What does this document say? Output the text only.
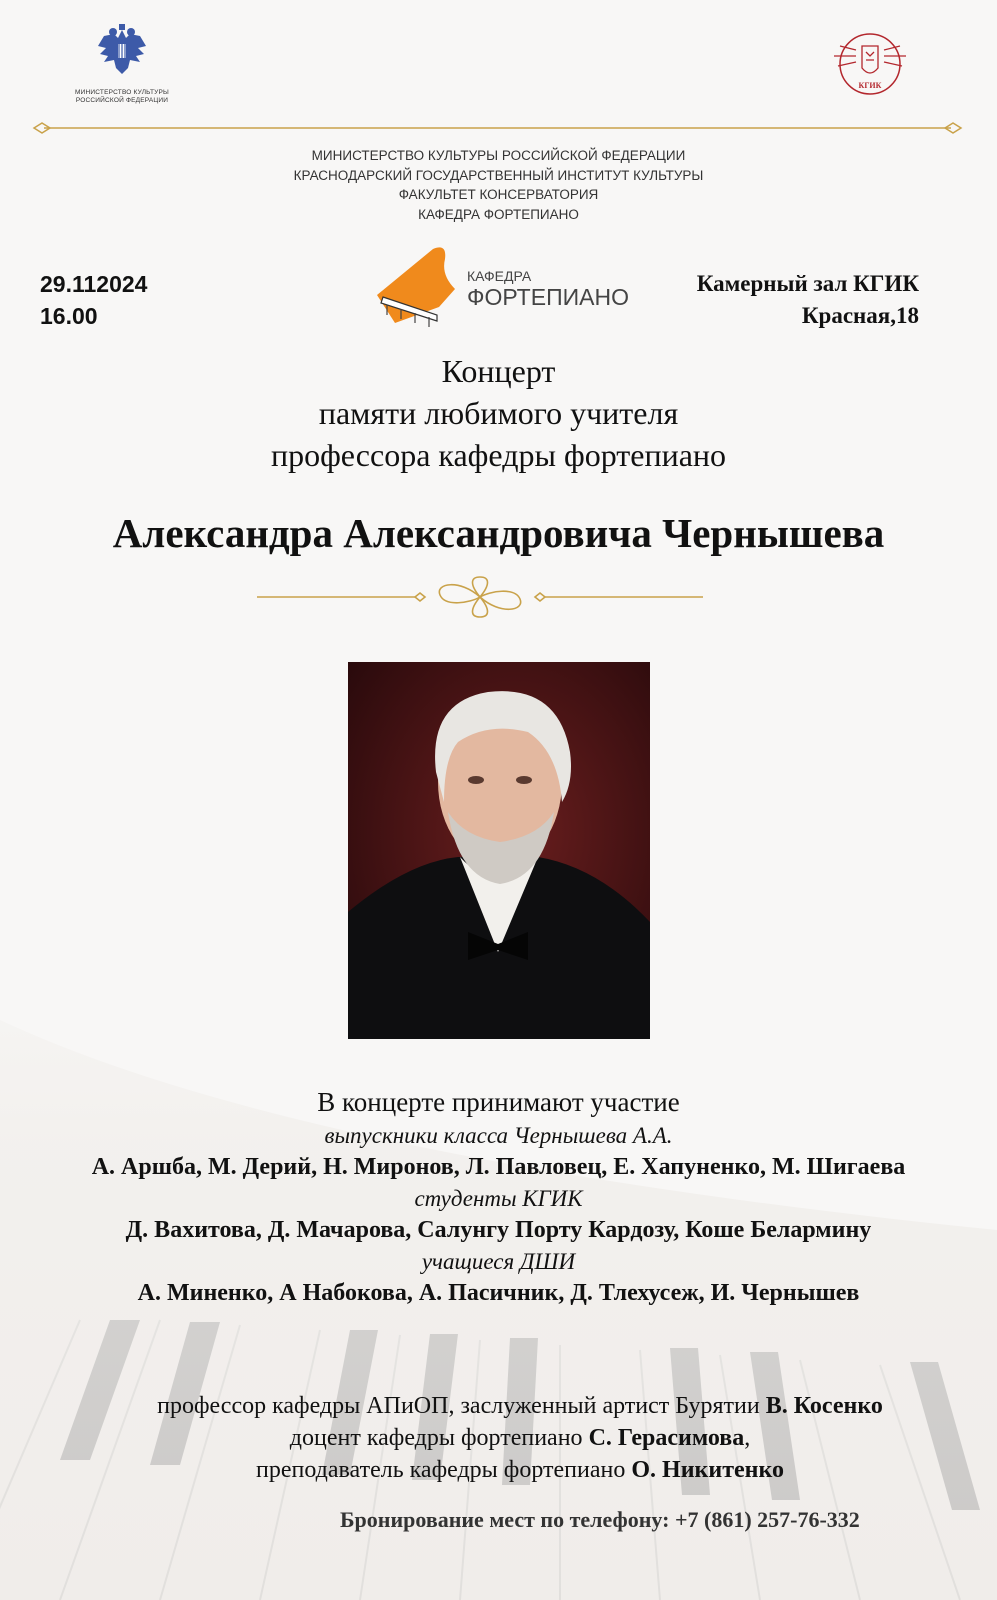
МИНИСТЕРСТВО КУЛЬТУРЫ
РОССИЙСКОЙ ФЕДЕРАЦИИ
КГИК
МИНИСТЕРСТВО КУЛЬТУРЫ РОССИЙСКОЙ ФЕДЕРАЦИИ
КРАСНОДАРСКИЙ ГОСУДАРСТВЕННЫЙ ИНСТИТУТ КУЛЬТУРЫ
ФАКУЛЬТЕТ КОНСЕРВАТОРИЯ
КАФЕДРА ФОРТЕПИАНО
29.112024
16.00
КАФЕДРА
ФОРТЕПИАНО
Камерный зал КГИК
Красная,18
Концерт
памяти любимого учителя
профессора кафедры фортепиано
Александра Александровича Чернышева
В концерте принимают участие
выпускники класса Чернышева А.А.
А. Аршба, М. Дерий, Н. Миронов, Л. Павловец, Е. Хапуненко, М. Шигаева
студенты КГИК
Д. Вахитова, Д. Мачарова, Салунгу Порту Кардозу, Коше Белармину
учащиеся ДШИ
А. Миненко, А Набокова, А. Пасичник, Д. Тлехусеж, И. Чернышев
профессор кафедры АПиОП, заслуженный артист Бурятии В. Косенко
доцент кафедры фортепиано С. Герасимова,
преподаватель кафедры фортепиано О. Никитенко
Бронирование мест по телефону: +7 (861) 257-76-332
